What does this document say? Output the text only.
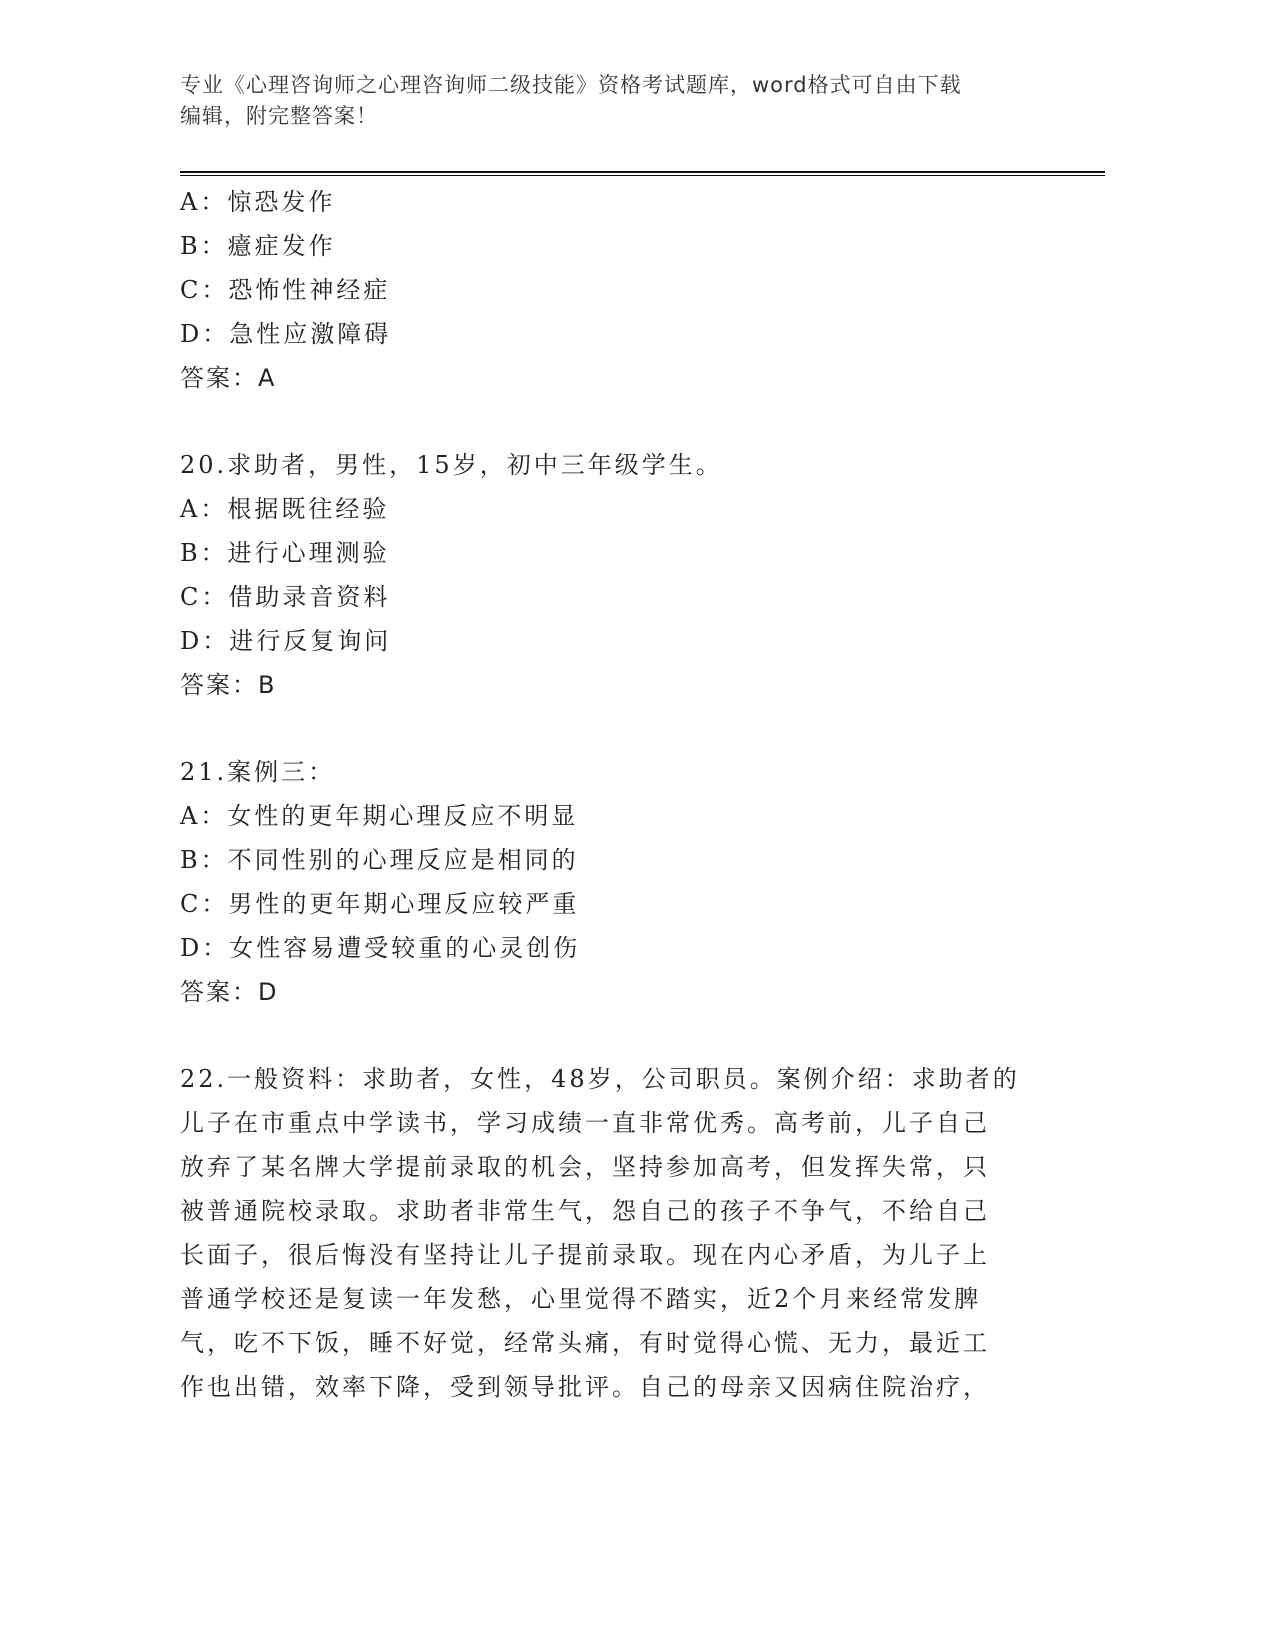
专业《心理咨询师之心理咨询师二级技能》资格考试题库，word格式可自由下载
编辑，附完整答案！
A：惊恐发作
B：癔症发作
C：恐怖性神经症
D：急性应激障碍
答案：A
20.求助者，男性，15岁，初中三年级学生。
A：根据既往经验
B：进行心理测验
C：借助录音资料
D：进行反复询问
答案：B
21.案例三：
A：女性的更年期心理反应不明显
B：不同性别的心理反应是相同的
C：男性的更年期心理反应较严重
D：女性容易遭受较重的心灵创伤
答案：D
22.一般资料：求助者，女性，48岁，公司职员。案例介绍：求助者的
儿子在市重点中学读书，学习成绩一直非常优秀。高考前，儿子自己
放弃了某名牌大学提前录取的机会，坚持参加高考，但发挥失常，只
被普通院校录取。求助者非常生气，怨自己的孩子不争气，不给自己
长面子，很后悔没有坚持让儿子提前录取。现在内心矛盾，为儿子上
普通学校还是复读一年发愁，心里觉得不踏实，近2个月来经常发脾
气，吃不下饭，睡不好觉，经常头痛，有时觉得心慌、无力，最近工
作也出错，效率下降，受到领导批评。自己的母亲又因病住院治疗，
